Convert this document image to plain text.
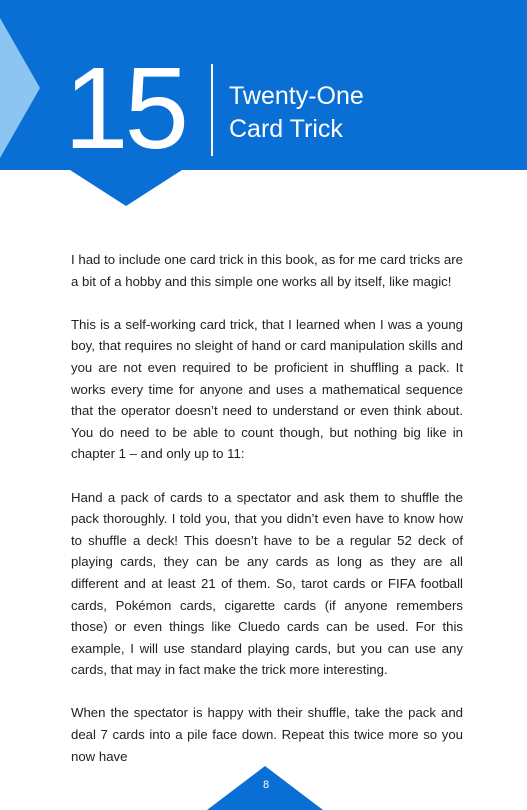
15 Twenty-One
Card Trick

I had to include one card trick in this book, as for me card tricks are a bit of a hobby and this simple one works all by itself, like magic!

This is a self-working card trick, that I learned when I was a young boy, that requires no sleight of hand or card manipulation skills and you are not even required to be proficient in shuffling a pack. It works every time for anyone and uses a mathematical sequence that the operator doesn’t need to understand or even think about. You do need to be able to count though, but nothing big like in chapter 1 – and only up to 11:

Hand a pack of cards to a spectator and ask them to shuffle the pack thoroughly. I told you, that you didn’t even have to know how to shuffle a deck! This doesn’t have to be a regular 52 deck of playing cards, they can be any cards as long as they are all different and at least 21 of them. So, tarot cards or FIFA football cards, Pokémon cards, cigarette cards (if anyone remembers those) or even things like Cluedo cards can be used. For this example, I will use standard playing cards, but you can use any cards, that may in fact make the trick more interesting.

When the spectator is happy with their shuffle, take the pack and deal 7 cards into a pile face down. Repeat this twice more so you now have

8
